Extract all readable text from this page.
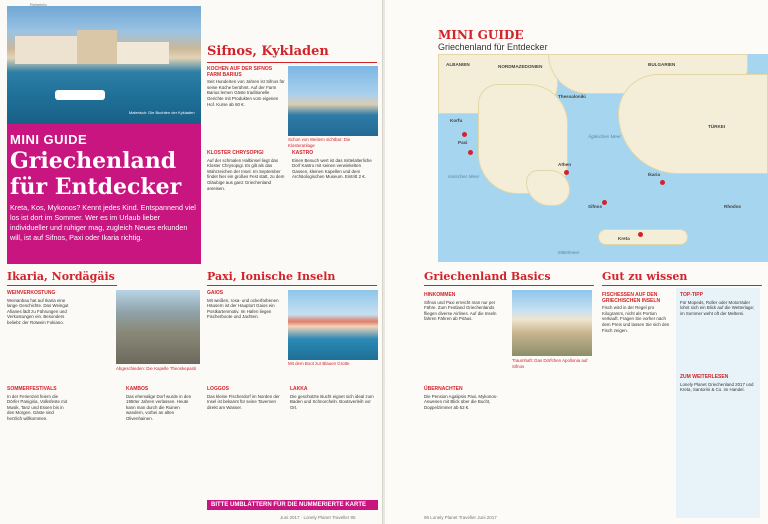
Malerisch: Die Buchten der Kykladen
MINI GUIDE
Griechenland
für Entdecker
Kreta, Kos, Mykonos? Kennt jedes Kind. Entspannend viel los ist dort im Sommer. Wer es im Urlaub lieber individueller und ruhiger mag, zugleich Neues erkunden will, ist auf Sifnos, Paxi oder Ikaria richtig.
Sifnos, Kykladen
KOCHEN AUF DER SIFNOS FARM BARIUS
Seit Hunderten von Jahren ist Sifnos für seine Küche berühmt. Auf der Farm Barius lernen Gäste traditionelle Gerichte mit Produkten vom eigenen Hof. Kurse ab 60 €.
Schon von Weitem sichtbar: Die Klosteranlage
KLOSTER CHRYSOPIGI
Auf der schmalen Halbinsel liegt das Kloster Chrysopigi. Es gilt als das Wahrzeichen der Insel. Im September findet hier ein großes Fest statt, zu dem Gläubige aus ganz Griechenland anreisen.
KASTRO
Einen Besuch wert ist das mittelalterliche Dorf Kastro mit seinen verwinkelten Gassen, kleinen Kapellen und dem Archäologischen Museum. Eintritt 2 €.
Ikaria, Nordägäis
WEINVERKOSTUNG
Weinanbau hat auf Ikaria eine lange Geschichte. Das Weingut Afianes lädt zu Führungen und Verkostungen ein. Besonders beliebt: der Rotwein Fokiano.
Abgeschieden: Die Kapelle Theoskepasti
SOMMERFESTIVALS
In der Ferienzeit feiern die Dörfer Panigiria, Volksfeste mit Musik, Tanz und Essen bis in den Morgen. Gäste sind herzlich willkommen.
Paxi, Ionische Inseln
GAIOS
Mit weißen, rosa- und ockerfarbenen Häusern ist der Hauptort Gaios ein Postkartenmotiv. Im Hafen liegen Fischerboote und Jachten.
Mit dem Boot zur Blauen Grotte
KAMBOS
Das ehemalige Dorf wurde in den 1950er Jahren verlassen. Heute kann man durch die Ruinen wandern, vorbei an alten Olivenhainen.
LOGGOS
Das kleine Fischerdorf im Norden der Insel ist bekannt für seine Tavernen direkt am Wasser.
LAKKA
Die geschützte Bucht eignet sich ideal zum Baden und Schnorcheln. Bootsverleih vor Ort.
BITTE UMBLÄTTERN FÜR DIE NUMMERIERTE KARTE
Juni 2017 · Lonely Planet Traveller 95
MINI GUIDE
Griechenland für Entdecker
ALBANIEN	NORDMAZEDONIEN	BULGARIEN
TÜRKEI
Ionisches Meer
Ägäisches Meer
Mittelmeer
Korfu
Paxi
Athen
Sifnos
Ikaria
Kreta
Rhodos
Thessaloniki
Griechenland Basics
HINKOMMEN
Sifnos und Paxi erreicht man nur per Fähre. Zum Festland Griechenlands fliegen diverse Airlines. Auf die Inseln fahren Fähren ab Piräus.
Traumhaft: Das Dörfchen Apollonia auf Sifnos
ÜBERNACHTEN
Die Pension Agalipsis Paxi, Mykonos-Anwesen mit Blick über die Bucht, Doppelzimmer ab 62 €.
Gut zu wissen
FISCHESSEN AUF DEN GRIECHISCHEN INSELN
Fisch wird in der Regel pro Kilogramm, nicht als Portion verkauft. Fragen Sie vorher nach dem Preis und lassen Sie sich den Fisch zeigen.
TOP-TIPP
Für Mopeds, Roller oder Motorräder lohnt sich ein Blick auf die Wetterlage; im Sommer weht oft der Meltemi.
ZUM WEITERLESEN
Lonely Planet Griechenland 2017 und Kreta, Santorini & Co. im Handel.
96 Lonely Planet Traveller Juni 2017
Reiseinfo
